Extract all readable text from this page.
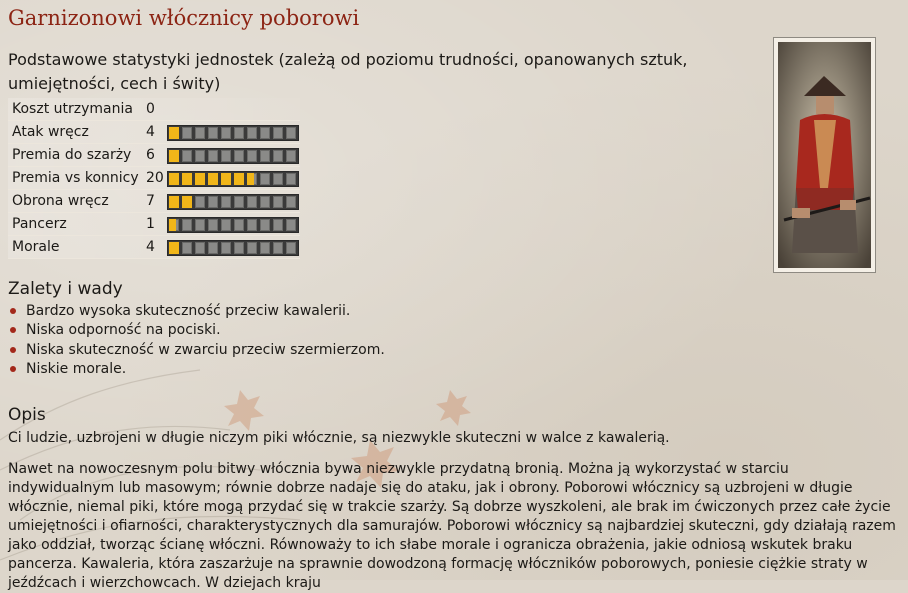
Garnizonowi włócznicy poborowi
Podstawowe statystyki jednostek (zależą od poziomu trudności, opanowanych sztuk, umiejętności, cech i świty)
Koszt utrzymania 0
Atak wręcz	4
Premia do szarży	6
Premia vs konnicy 20
Obrona wręcz	7
Pancerz	1
Morale	4
Zalety i wady
Bardzo wysoka skuteczność przeciw kawalerii.
Niska odporność na pociski.
Niska skuteczność w zwarciu przeciw szermierzom.
Niskie morale.
Opis
Ci ludzie, uzbrojeni w długie niczym piki włócznie, są niezwykle skuteczni w walce z kawalerią.
Nawet na nowoczesnym polu bitwy włócznia bywa niezwykle przydatną bronią. Można ją wykorzystać w starciu indywidualnym lub masowym; równie dobrze nadaje się do ataku, jak i obrony. Poborowi włócznicy są uzbrojeni w długie włócznie, niemal piki, które mogą przydać się w trakcie szarży. Są dobrze wyszkoleni, ale brak im ćwiczonych przez całe życie umiejętności i ofiarności, charakterystycznych dla samurajów. Poborowi włócznicy są najbardziej skuteczni, gdy działają razem jako oddział, tworząc ścianę włóczni. Równoważy to ich słabe morale i ogranicza obrażenia, jakie odniosą wskutek braku pancerza. Kawaleria, która zaszarżuje na sprawnie dowodzoną formację włóczników poborowych, poniesie ciężkie straty w jeźdźcach i wierzchowcach. W dziejach kraju
